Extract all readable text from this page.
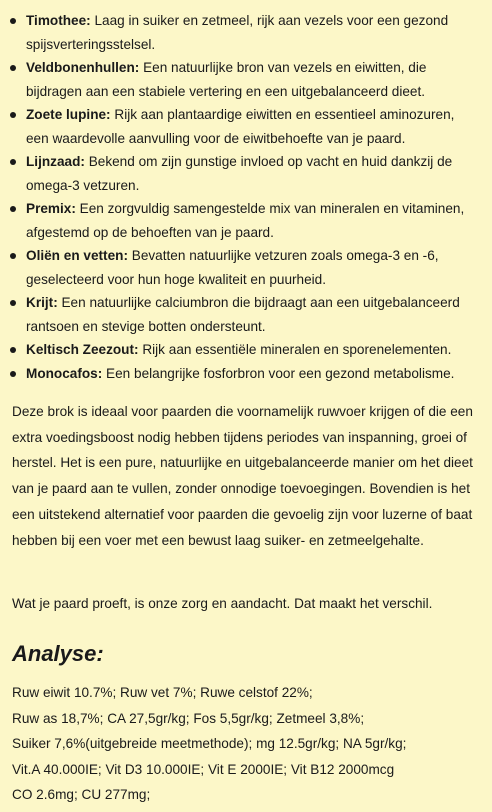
Timothee: Laag in suiker en zetmeel, rijk aan vezels voor een gezond spijsverteringsstelsel.
Veldbonenhullen: Een natuurlijke bron van vezels en eiwitten, die bijdragen aan een stabiele vertering en een uitgebalanceerd dieet.
Zoete lupine: Rijk aan plantaardige eiwitten en essentieel aminozuren, een waardevolle aanvulling voor de eiwitbehoefte van je paard.
Lijnzaad: Bekend om zijn gunstige invloed op vacht en huid dankzij de omega-3 vetzuren.
Premix: Een zorgvuldig samengestelde mix van mineralen en vitaminen, afgestemd op de behoeften van je paard.
Oliën en vetten: Bevatten natuurlijke vetzuren zoals omega-3 en -6, geselecteerd voor hun hoge kwaliteit en puurheid.
Krijt: Een natuurlijke calciumbron die bijdraagt aan een uitgebalanceerd rantsoen en stevige botten ondersteunt.
Keltisch Zeezout: Rijk aan essentiële mineralen en sporenelementen.
Monocafos: Een belangrijke fosforbron voor een gezond metabolisme.

Deze brok is ideaal voor paarden die voornamelijk ruwvoer krijgen of die een extra voedingsboost nodig hebben tijdens periodes van inspanning, groei of herstel. Het is een pure, natuurlijke en uitgebalanceerde manier om het dieet van je paard aan te vullen, zonder onnodige toevoegingen. Bovendien is het een uitstekend alternatief voor paarden die gevoelig zijn voor luzerne of baat hebben bij een voer met een bewust laag suiker- en zetmeelgehalte.

Wat je paard proeft, is onze zorg en aandacht. Dat maakt het verschil.

Analyse:
Ruw eiwit 10.7%; Ruw vet 7%; Ruwe celstof 22%;
Ruw as 18,7%; CA 27,5gr/kg; Fos 5,5gr/kg; Zetmeel 3,8%;
Suiker 7,6%(uitgebreide meetmethode); mg 12.5gr/kg; NA 5gr/kg;
Vit.A 40.000IE; Vit D3 10.000IE; Vit E 2000IE; Vit B12 2000mcg
CO 2.6mg; CU 277mg;
